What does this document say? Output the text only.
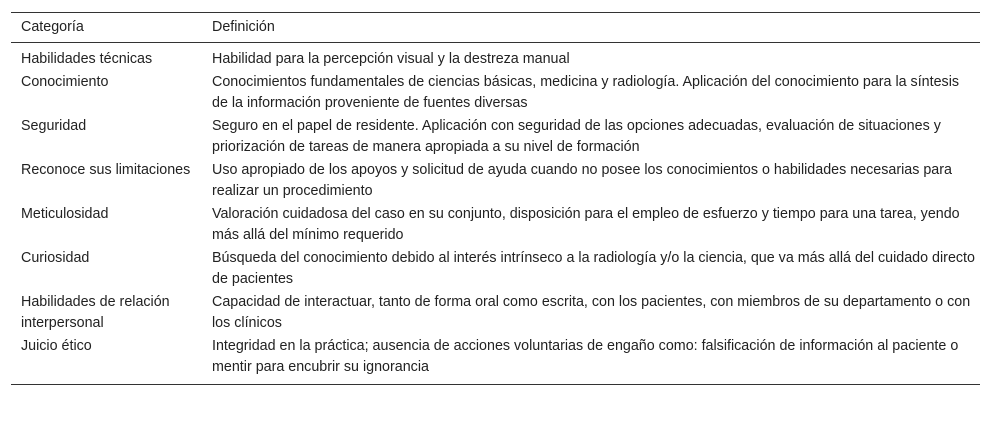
Categoría	Definición
Habilidades técnicas	Habilidad para la percepción visual y la destreza manual
Conocimiento	Conocimientos fundamentales de ciencias básicas, medicina y radiología. Aplicación del conocimiento para la síntesis de la información proveniente de fuentes diversas
Seguridad	Seguro en el papel de residente. Aplicación con seguridad de las opciones adecuadas, evaluación de situaciones y priorización de tareas de manera apropiada a su nivel de formación
Reconoce sus limitaciones	Uso apropiado de los apoyos y solicitud de ayuda cuando no posee los conocimientos o habilidades necesarias para realizar un procedimiento
Meticulosidad	Valoración cuidadosa del caso en su conjunto, disposición para el empleo de esfuerzo y tiempo para una tarea, yendo más allá del mínimo requerido
Curiosidad	Búsqueda del conocimiento debido al interés intrínseco a la radiología y/o la ciencia, que va más allá del cuidado directo de pacientes
Habilidades de relación interpersonal	Capacidad de interactuar, tanto de forma oral como escrita, con los pacientes, con miembros de su departamento o con los clínicos
Juicio ético	Integridad en la práctica; ausencia de acciones voluntarias de engaño como: falsificación de información al paciente o mentir para encubrir su ignorancia
